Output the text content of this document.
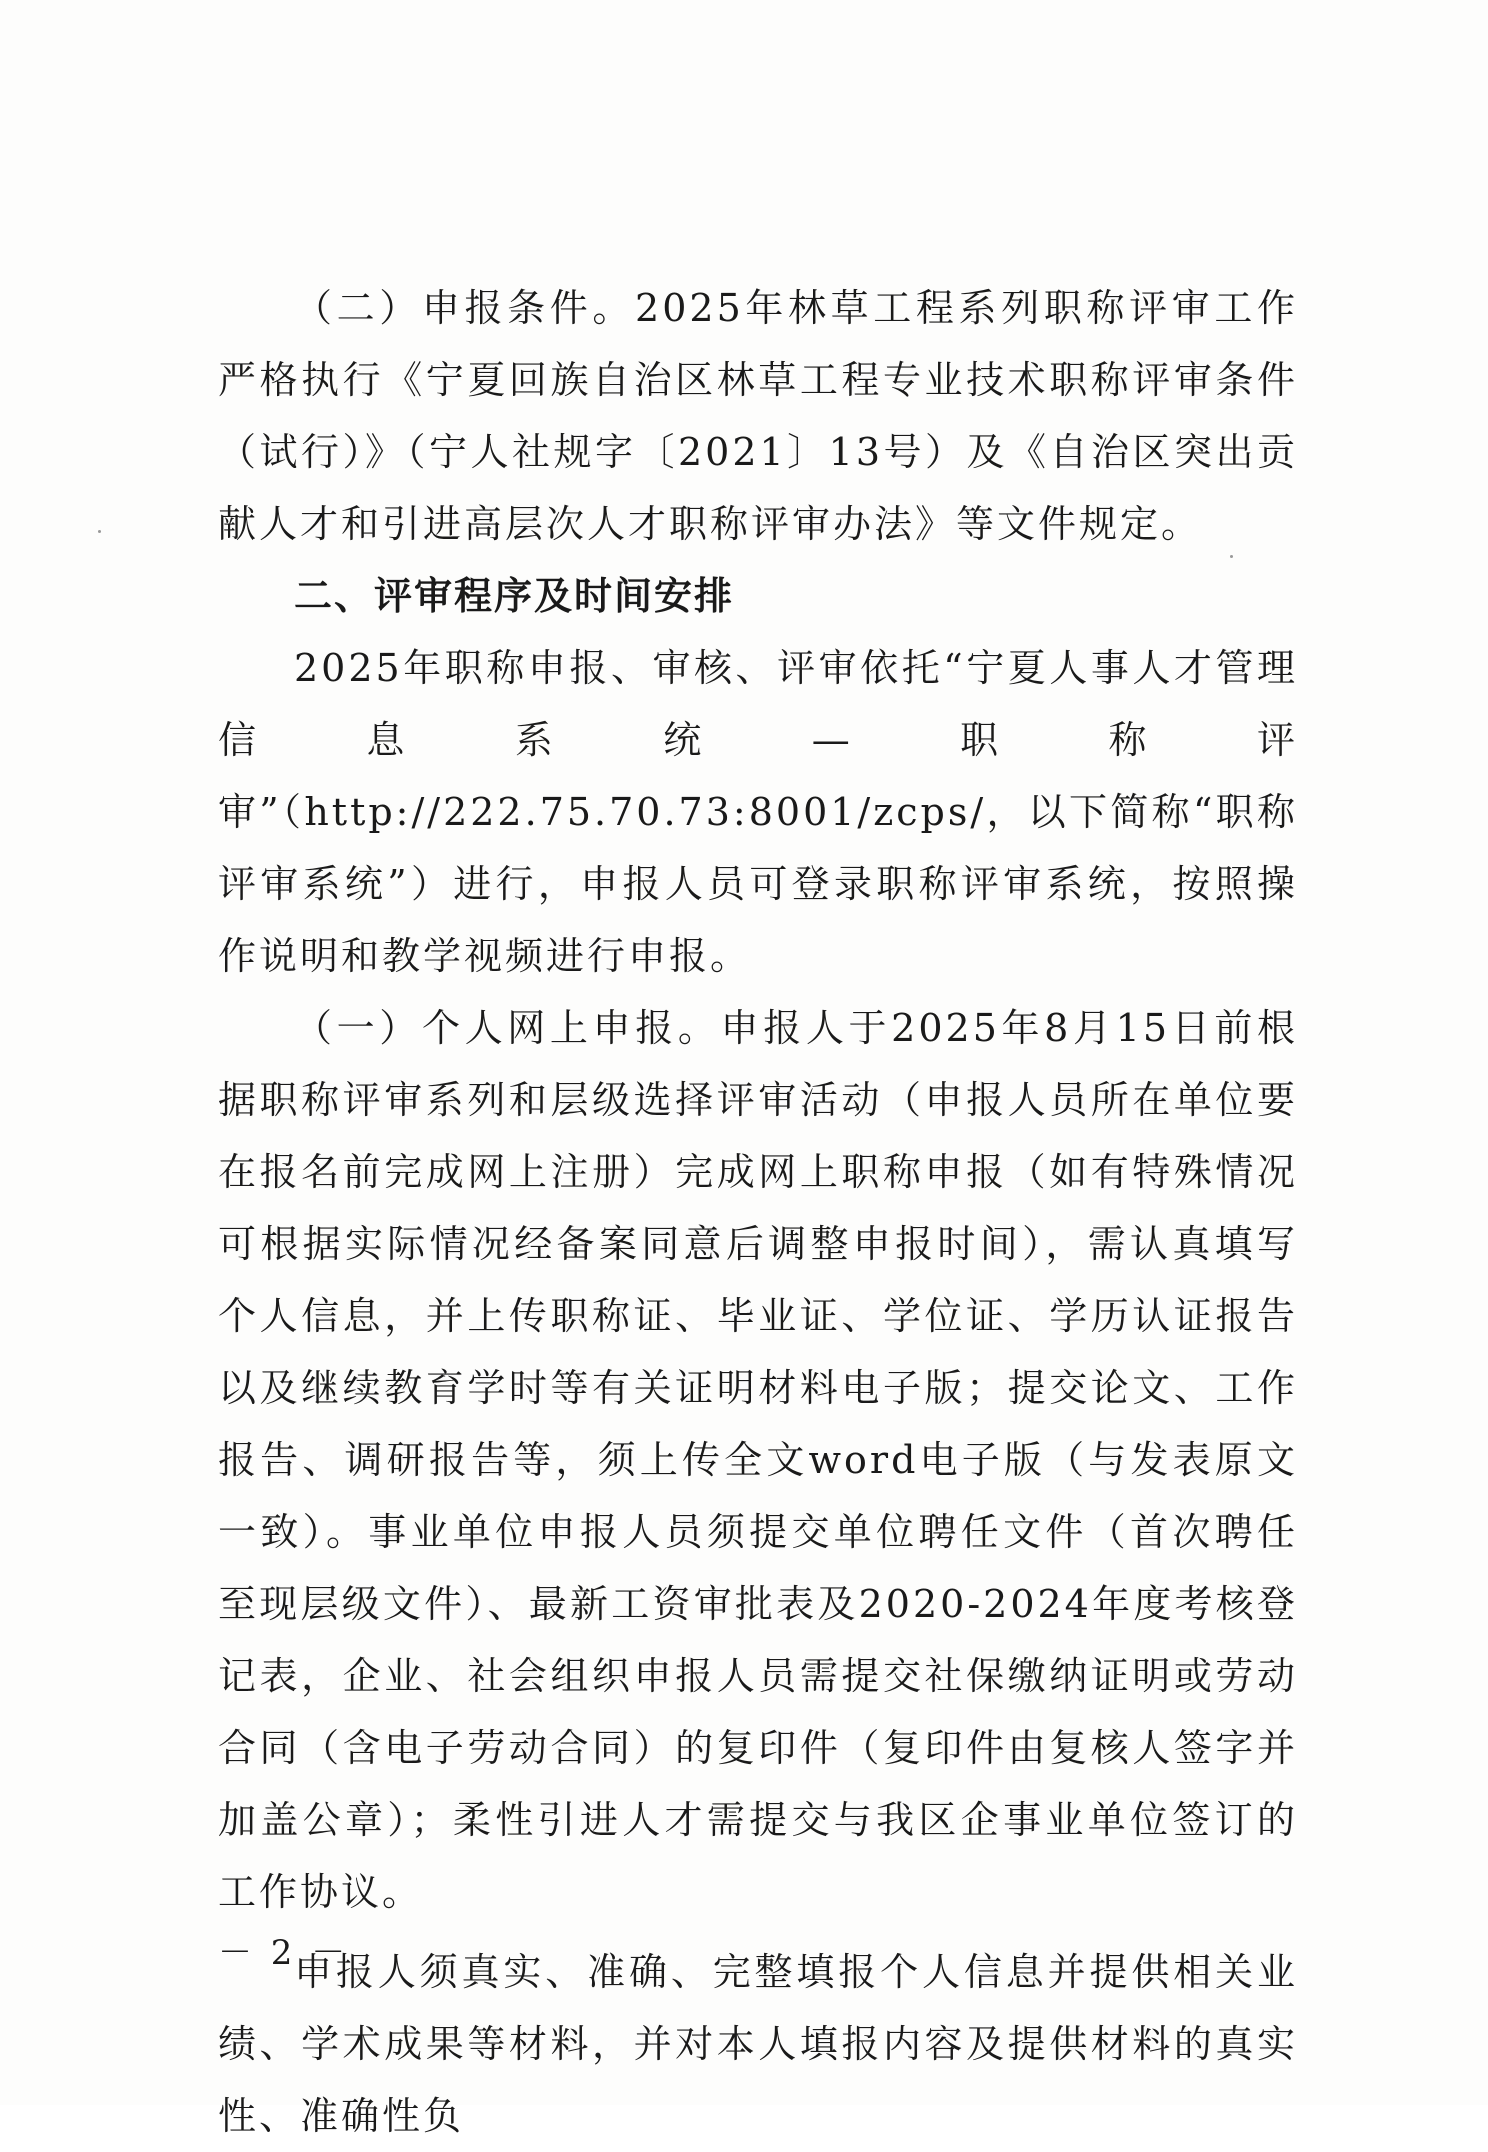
（二）申报条件。2025年林草工程系列职称评审工作严格执行《宁夏回族自治区林草工程专业技术职称评审条件（试行）》（宁人社规字〔2021〕13号）及《自治区突出贡献人才和引进高层次人才职称评审办法》等文件规定。

二、评审程序及时间安排

2025年职称申报、审核、评审依托“宁夏人事人才管理信息系统—职称评审”（http://222.75.70.73:8001/zcps/，以下简称“职称评审系统”）进行，申报人员可登录职称评审系统，按照操作说明和教学视频进行申报。

（一）个人网上申报。申报人于2025年8月15日前根据职称评审系列和层级选择评审活动（申报人员所在单位要在报名前完成网上注册）完成网上职称申报（如有特殊情况可根据实际情况经备案同意后调整申报时间），需认真填写个人信息，并上传职称证、毕业证、学位证、学历认证报告以及继续教育学时等有关证明材料电子版；提交论文、工作报告、调研报告等，须上传全文word电子版（与发表原文一致）。事业单位申报人员须提交单位聘任文件（首次聘任至现层级文件）、最新工资审批表及2020-2024年度考核登记表，企业、社会组织申报人员需提交社保缴纳证明或劳动合同（含电子劳动合同）的复印件（复印件由复核人签字并加盖公章）；柔性引进人才需提交与我区企事业单位签订的工作协议。

申报人须真实、准确、完整填报个人信息并提供相关业绩、学术成果等材料，并对本人填报内容及提供材料的真实性、准确性负

－ 2 －
